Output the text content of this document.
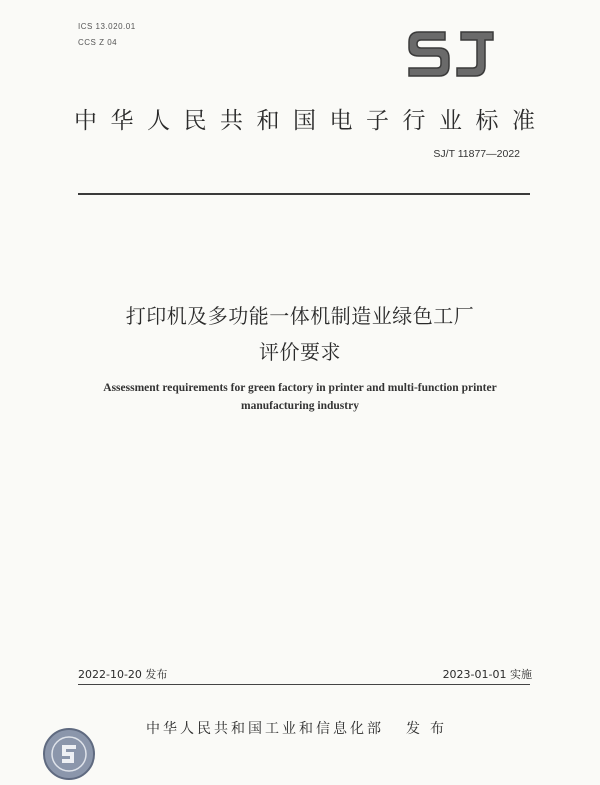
ICS 13.020.01
CCS Z 04
中华人民共和国电子行业标准
SJ/T 11877—2022
打印机及多功能一体机制造业绿色工厂
评价要求
Assessment requirements for green factory in printer and multi-function printer
manufacturing industry
2022-10-20 发布	2023-01-01 实施
中华人民共和国工业和信息化部 发布
